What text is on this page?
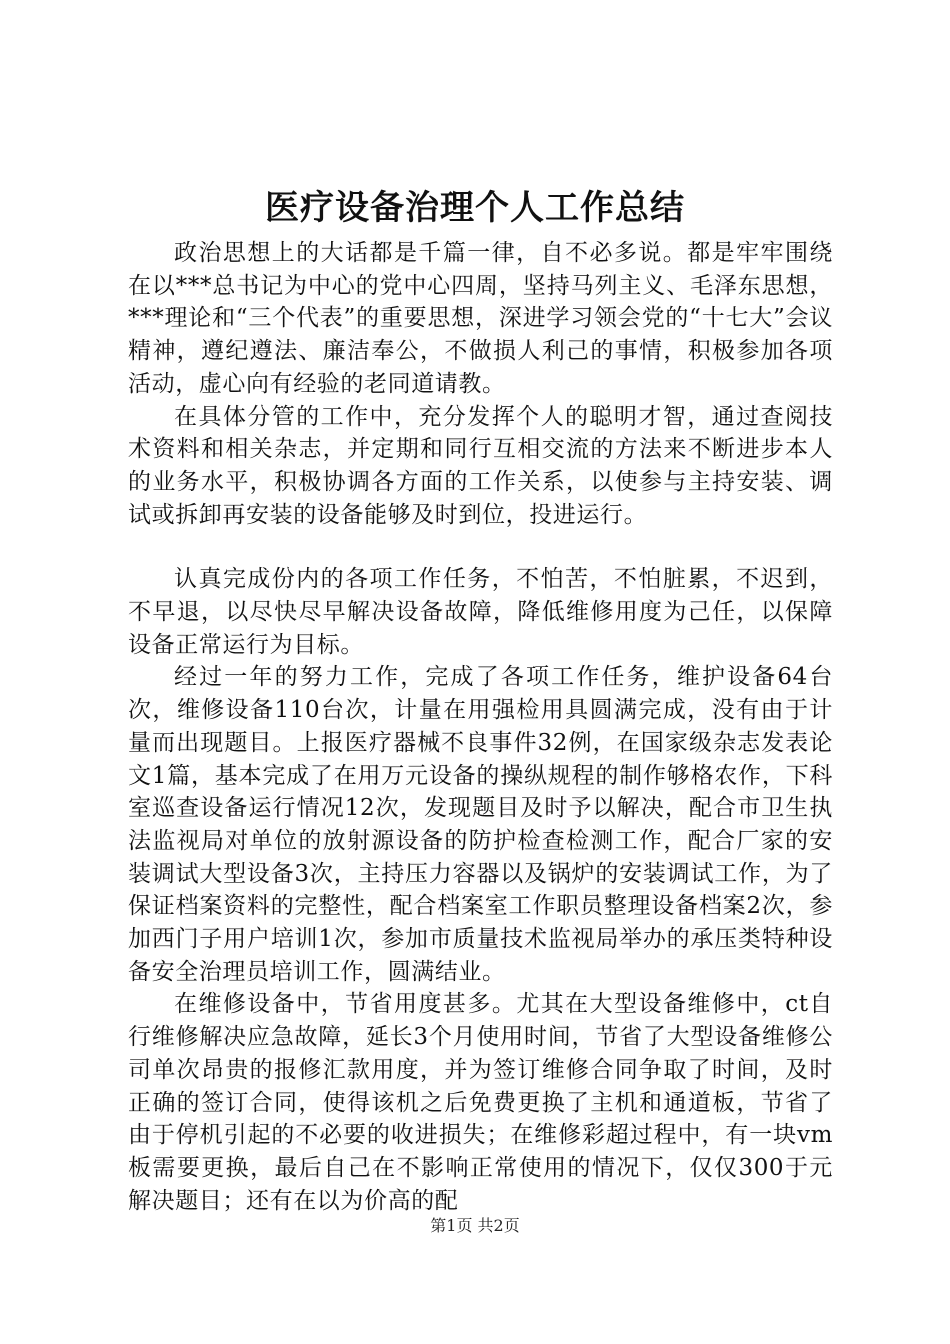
医疗设备治理个人工作总结

政治思想上的大话都是千篇一律，自不必多说。都是牢牢围绕在以***总书记为中心的党中心四周，坚持马列主义、毛泽东思想，***理论和“三个代表”的重要思想，深进学习领会党的“十七大”会议精神，遵纪遵法、廉洁奉公，不做损人利己的事情，积极参加各项活动，虚心向有经验的老同道请教。

在具体分管的工作中，充分发挥个人的聪明才智，通过查阅技术资料和相关杂志，并定期和同行互相交流的方法来不断进步本人的业务水平，积极协调各方面的工作关系，以使参与主持安装、调试或拆卸再安装的设备能够及时到位，投进运行。

认真完成份内的各项工作任务，不怕苦，不怕脏累，不迟到，不早退，以尽快尽早解决设备故障，降低维修用度为己任，以保障设备正常运行为目标。

经过一年的努力工作，完成了各项工作任务，维护设备64台次，维修设备110台次，计量在用强检用具圆满完成，没有由于计量而出现题目。上报医疗器械不良事件32例，在国家级杂志发表论文1篇，基本完成了在用万元设备的操纵规程的制作够格农作，下科室巡查设备运行情况12次，发现题目及时予以解决，配合市卫生执法监视局对单位的放射源设备的防护检查检测工作，配合厂家的安装调试大型设备3次，主持压力容器以及锅炉的安装调试工作，为了保证档案资料的完整性，配合档案室工作职员整理设备档案2次，参加西门子用户培训1次，参加市质量技术监视局举办的承压类特种设备安全治理员培训工作，圆满结业。

在维修设备中，节省用度甚多。尤其在大型设备维修中，ct自行维修解决应急故障，延长3个月使用时间，节省了大型设备维修公司单次昂贵的报修汇款用度，并为签订维修合同争取了时间，及时正确的签订合同，使得该机之后免费更换了主机和通道板，节省了由于停机引起的不必要的收进损失；在维修彩超过程中，有一块vm板需要更换，最后自己在不影响正常使用的情况下，仅仅300于元解决题目；还有在以为价高的配

第1页 共2页
